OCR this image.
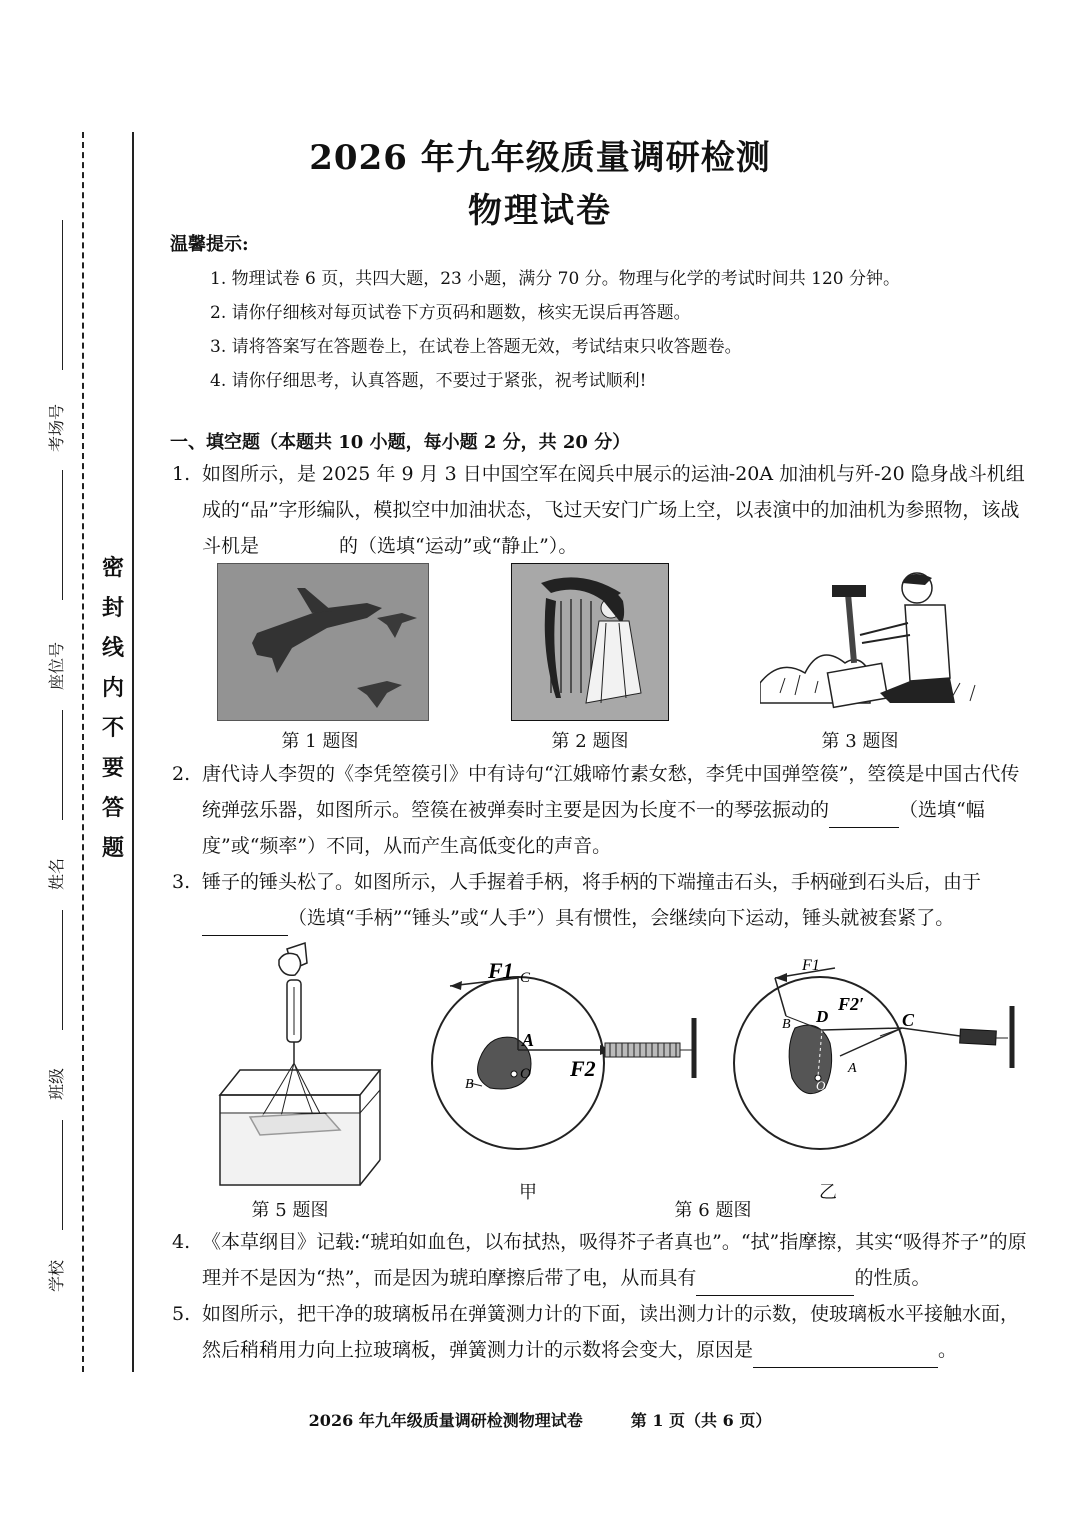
考场号
座位号
姓名
班级
学校
密
封
线
内
不
要
答
题
2026 年九年级质量调研检测
物理试卷
温馨提示:
1. 物理试卷 6 页，共四大题，23 小题，满分 70 分。物理与化学的考试时间共 120 分钟。
2. 请你仔细核对每页试卷下方页码和题数，核实无误后再答题。
3. 请将答案写在答题卷上，在试卷上答题无效，考试结束只收答题卷。
4. 请你仔细思考，认真答题，不要过于紧张，祝考试顺利!
一、填空题（本题共 10 小题，每小题 2 分，共 20 分）
1. 如图所示，是 2025 年 9 月 3 日中国空军在阅兵中展示的运油-20A 加油机与歼-20 隐身战斗机组成的“品”字形编队，模拟空中加油状态，飞过天安门广场上空，以表演中的加油机为参照物，该战斗机是	的（选填“运动”或“静止”）。
第 1 题图	第 2 题图	第 3 题图
2. 唐代诗人李贺的《李凭箜篌引》中有诗句“江娥啼竹素女愁，李凭中国弹箜篌”，箜篌是中国古代传统弹弦乐器，如图所示。箜篌在被弹奏时主要是因为长度不一的琴弦振动的	（选填“幅度”或“频率”）不同，从而产生高低变化的声音。
3. 锤子的锤头松了。如图所示，人手握着手柄，将手柄的下端撞击石头，手柄碰到石头后，由于（选填“手柄”“锤头”或“人手”）具有惯性，会继续向下运动，锤头就被套紧了。
第 5 题图
F1 C
A
O
B
F2
甲
F1
F2′
D
B	C
A
O
乙
第 6 题图
4. 《本草纲目》记载:“琥珀如血色，以布拭热，吸得芥子者真也”。“拭”指摩擦，其实“吸得芥子”的原理并不是因为“热”，而是因为琥珀摩擦后带了电，从而具有	的性质。
5. 如图所示，把干净的玻璃板吊在弹簧测力计的下面，读出测力计的示数，使玻璃板水平接触水面，然后稍稍用力向上拉玻璃板，弹簧测力计的示数将会变大，原因是	。
2026 年九年级质量调研检测物理试卷　　　第 1 页（共 6 页）
